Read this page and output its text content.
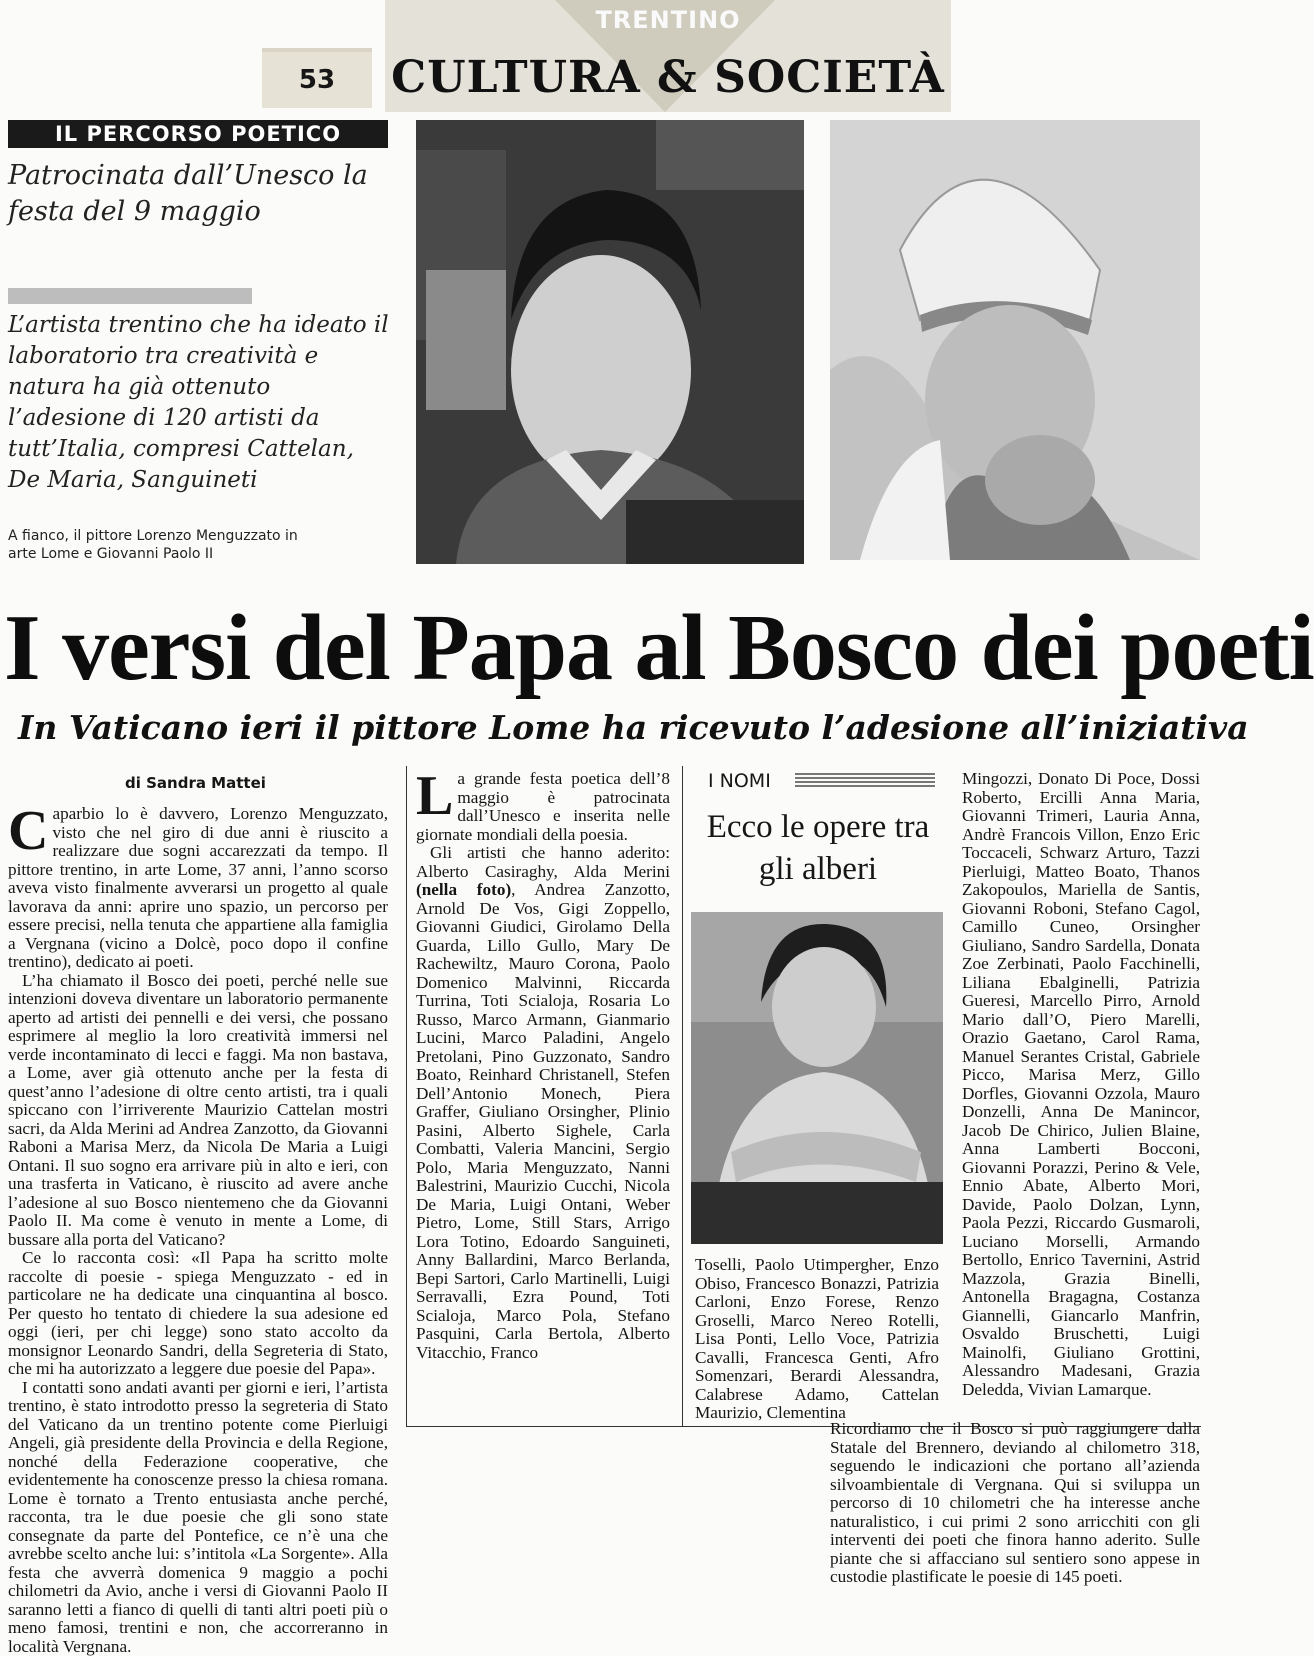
53
TRENTINO
CULTURA & SOCIETÀ
IL PERCORSO POETICO
Patrocinata dall’Unesco la festa del 9 maggio
L’artista trentino che ha ideato il laboratorio tra creatività e natura ha già ottenuto l’adesione di 120 artisti da tutt’Italia, compresi Cattelan, De Maria, Sanguineti
A fianco, il pittore Lorenzo Menguzzato in arte Lome e Giovanni Paolo II
I versi del Papa al Bosco dei poeti
In Vaticano ieri il pittore Lome ha ricevuto l’adesione all’iniziativa
di Sandra Mattei

Caparbio lo è davvero, Lorenzo Menguzzato, visto che nel giro di due anni è riuscito a realizzare due sogni accarezzati da tempo. Il pittore trentino, in arte Lome, 37 anni, l’anno scorso aveva visto finalmente avverarsi un progetto al quale lavorava da anni: aprire uno spazio, un percorso per essere precisi, nella tenuta che appartiene alla famiglia a Vergnana (vicino a Dolcè, poco dopo il confine trentino), dedicato ai poeti.

L’ha chiamato il Bosco dei poeti, perché nelle sue intenzioni doveva diventare un laboratorio permanente aperto ad artisti dei pennelli e dei versi, che possano esprimere al meglio la loro creatività immersi nel verde incontaminato di lecci e faggi. Ma non bastava, a Lome, aver già ottenuto anche per la festa di quest’anno l’adesione di oltre cento artisti, tra i quali spiccano con l’irriverente Maurizio Cattelan mostri sacri, da Alda Merini ad Andrea Zanzotto, da Giovanni Raboni a Marisa Merz, da Nicola De Maria a Luigi Ontani. Il suo sogno era arrivare più in alto e ieri, con una trasferta in Vaticano, è riuscito ad avere anche l’adesione al suo Bosco nientemeno che da Giovanni Paolo II. Ma come è venuto in mente a Lome, di bussare alla porta del Vaticano?

Ce lo racconta così: «Il Papa ha scritto molte raccolte di poesie - spiega Menguzzato - ed in particolare ne ha dedicate una cinquantina al bosco. Per questo ho tentato di chiedere la sua adesione ed oggi (ieri, per chi legge) sono stato accolto da monsignor Leonardo Sandri, della Segreteria di Stato, che mi ha autorizzato a leggere due poesie del Papa».

I contatti sono andati avanti per giorni e ieri, l’artista trentino, è stato introdotto presso la segreteria di Stato del Vaticano da un trentino potente come Pierluigi Angeli, già presidente della Provincia e della Regione, nonché della Federazione cooperative, che evidentemente ha conoscenze presso la chiesa romana. Lome è tornato a Trento entusiasta anche perché, racconta, tra le due poesie che gli sono state consegnate da parte del Pontefice, ce n’è una che avrebbe scelto anche lui: s’intitola «La Sorgente». Alla festa che avverrà domenica 9 maggio a pochi chilometri da Avio, anche i versi di Giovanni Paolo II saranno letti a fianco di quelli di tanti altri poeti più o meno famosi, trentini e non, che accorreranno in località Vergnana.

La grande festa poetica dell’8 maggio è patrocinata dall’Unesco e inserita nelle giornate mondiali della poesia.

Gli artisti che hanno aderito: Alberto Casiraghy, Alda Merini (nella foto), Andrea Zanzotto, Arnold De Vos, Gigi Zoppello, Giovanni Giudici, Girolamo Della Guarda, Lillo Gullo, Mary De Rachewiltz, Mauro Corona, Paolo Domenico Malvinni, Riccarda Turrina, Toti Scialoja, Rosaria Lo Russo, Marco Armann, Gianmario Lucini, Marco Paladini, Angelo Pretolani, Pino Guzzonato, Sandro Boato, Reinhard Christanell, Stefen Dell’Antonio Monech, Piera Graffer, Giuliano Orsingher, Plinio Pasini, Alberto Sighele, Carla Combatti, Valeria Mancini, Sergio Polo, Maria Menguzzato, Nanni Balestrini, Maurizio Cucchi, Nicola De Maria, Luigi Ontani, Weber Pietro, Lome, Still Stars, Arrigo Lora Totino, Edoardo Sanguineti, Anny Ballardini, Marco Berlanda, Bepi Sartori, Carlo Martinelli, Luigi Serravalli, Ezra Pound, Toti Scialoja, Marco Pola, Stefano Pasquini, Carla Bertola, Alberto Vitacchio, Franco

I NOMI
Ecco le opere tra gli alberi

Toselli, Paolo Utimpergher, Enzo Obiso, Francesco Bonazzi, Patrizia Carloni, Enzo Forese, Renzo Groselli, Marco Nereo Rotelli, Lisa Ponti, Lello Voce, Patrizia Cavalli, Francesca Genti, Afro Somenzari, Berardi Alessandra, Calabrese Adamo, Cattelan Maurizio, Clementina

Mingozzi, Donato Di Poce, Dossi Roberto, Ercilli Anna Maria, Giovanni Trimeri, Lauria Anna, Andrè Francois Villon, Enzo Eric Toccaceli, Schwarz Arturo, Tazzi Pierluigi, Matteo Boato, Thanos Zakopoulos, Mariella de Santis, Giovanni Roboni, Stefano Cagol, Camillo Cuneo, Orsingher Giuliano, Sandro Sardella, Donata Zoe Zerbinati, Paolo Facchinelli, Liliana Ebalginelli, Patrizia Gueresi, Marcello Pirro, Arnold Mario dall’O, Piero Marelli, Orazio Gaetano, Carol Rama, Manuel Serantes Cristal, Gabriele Picco, Marisa Merz, Gillo Dorfles, Giovanni Ozzola, Mauro Donzelli, Anna De Manincor, Jacob De Chirico, Julien Blaine, Anna Lamberti Bocconi, Giovanni Porazzi, Perino & Vele, Ennio Abate, Alberto Mori, Davide, Paolo Dolzan, Lynn, Paola Pezzi, Riccardo Gusmaroli, Luciano Morselli, Armando Bertollo, Enrico Tavernini, Astrid Mazzola, Grazia Binelli, Antonella Bragagna, Costanza Giannelli, Giancarlo Manfrin, Osvaldo Bruschetti, Luigi Mainolfi, Giuliano Grottini, Alessandro Madesani, Grazia Deledda, Vivian Lamarque.

Ricordiamo che il Bosco si può raggiungere dalla Statale del Brennero, deviando al chilometro 318, seguendo le indicazioni che portano all’azienda silvoambientale di Vergnana. Qui si sviluppa un percorso di 10 chilometri che ha interesse anche naturalistico, i cui primi 2 sono arricchiti con gli interventi dei poeti che finora hanno aderito. Sulle piante che si affacciano sul sentiero sono appese in custodie plastificate le poesie di 145 poeti.
